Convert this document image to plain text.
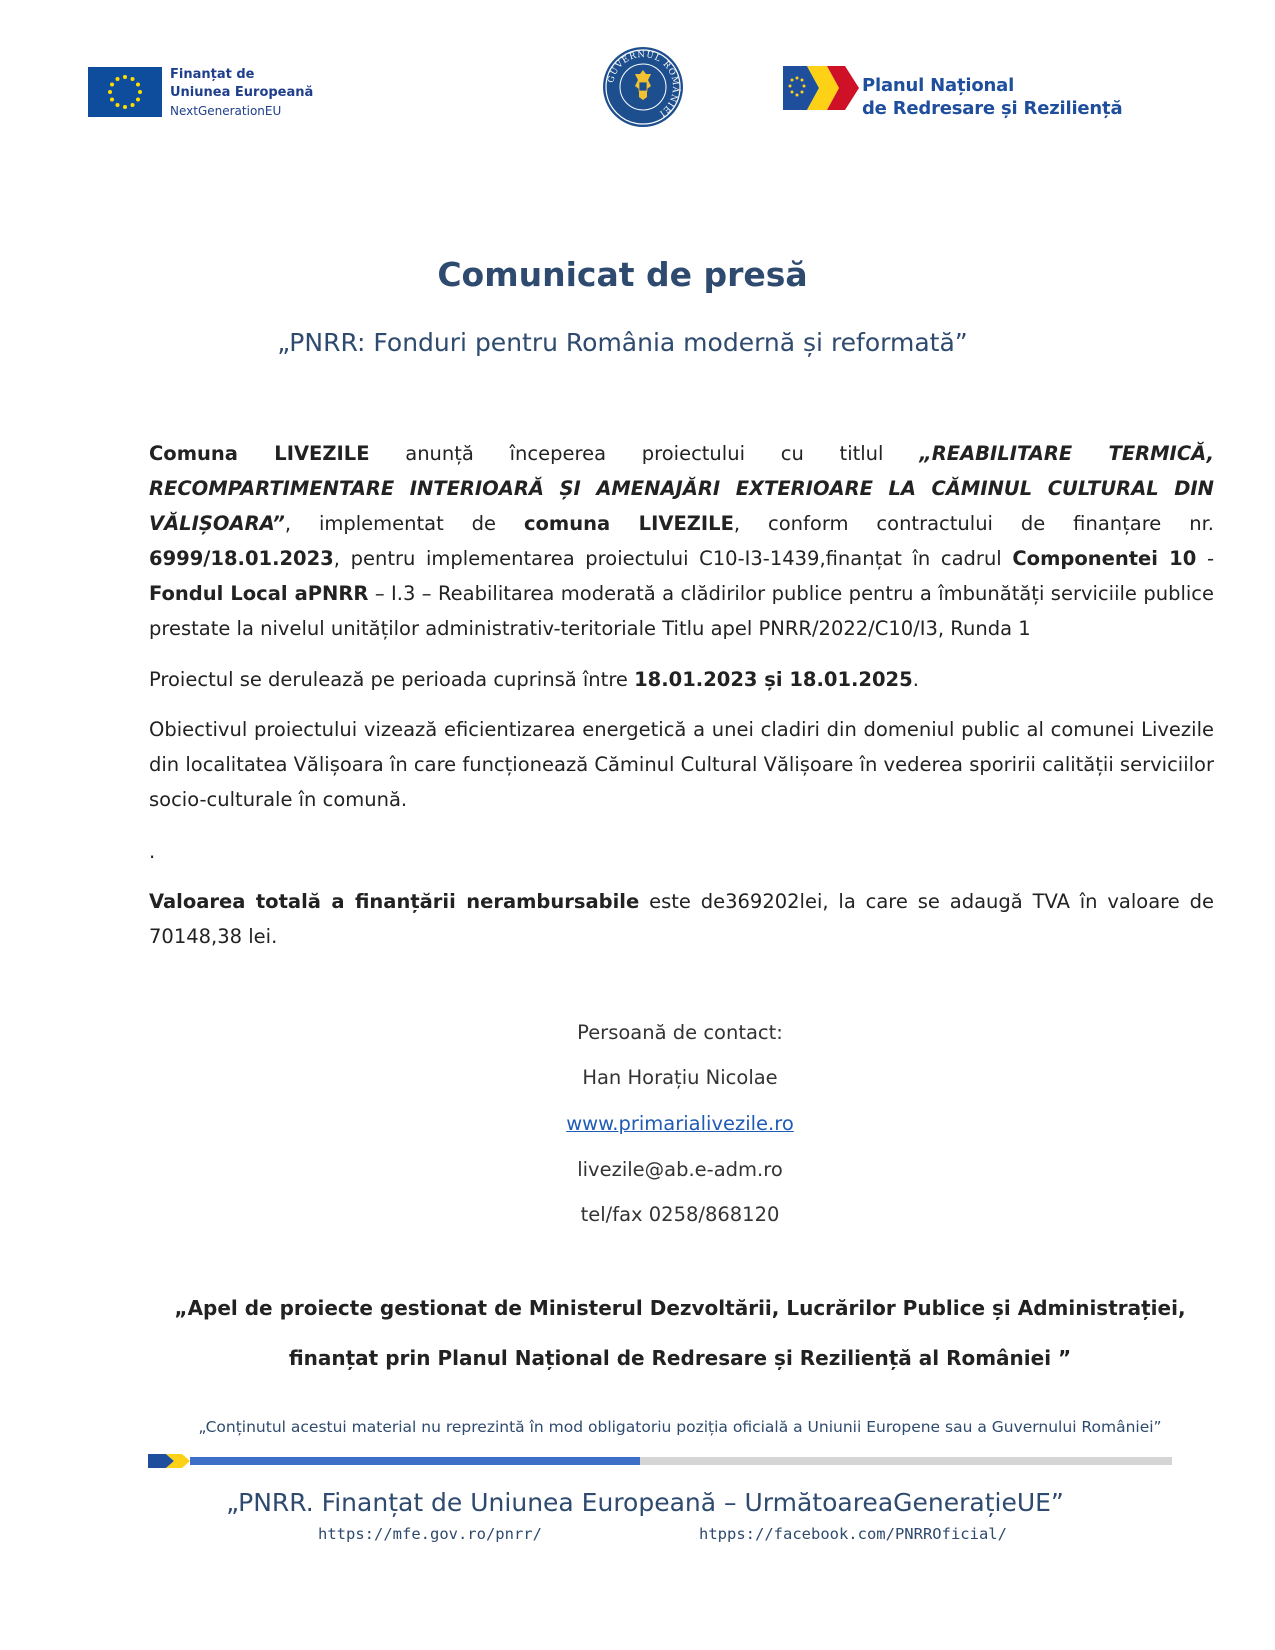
Finanțat de
Uniunea Europeană
NextGenerationEU
GUVERNUL ROMÂNIEI
Planul Național
de Redresare și Reziliență
Comunicat de presă
„PNRR: Fonduri pentru România modernă și reformată”
Comuna LIVEZILE anunță începerea proiectului cu titlul „REABILITARE TERMICĂ, RECOMPARTIMENTARE INTERIOARĂ ȘI AMENAJĂRI EXTERIOARE LA CĂMINUL CULTURAL DIN VĂLIȘOARA”, implementat de comuna LIVEZILE, conform contractului de finanțare nr. 6999/18.01.2023, pentru implementarea proiectului C10-I3-1439,finanțat în cadrul Componentei 10 - Fondul Local aPNRR – I.3 – Reabilitarea moderată a clădirilor publice pentru a îmbunătăți serviciile publice prestate la nivelul unităților administrativ-teritoriale Titlu apel PNRR/2022/C10/I3, Runda 1
Proiectul se derulează pe perioada cuprinsă între 18.01.2023 și 18.01.2025.
Obiectivul proiectului vizează eficientizarea energetică a unei cladiri din domeniul public al comunei Livezile din localitatea Vălișoara în care funcționează Căminul Cultural Vălișoare în vederea sporirii calității serviciilor socio-culturale în comună.
.
Valoarea totală a finanțării nerambursabile este de369202lei, la care se adaugă TVA în valoare de 70148,38 lei.
Persoană de contact:
Han Horațiu Nicolae
www.primarialivezile.ro
livezile@ab.e-adm.ro
tel/fax 0258/868120
„Apel de proiecte gestionat de Ministerul Dezvoltării, Lucrărilor Publice și Administrației,
finanțat prin Planul Național de Redresare și Reziliență al României ”
„Conținutul acestui material nu reprezintă în mod obligatoriu poziția oficială a Uniunii Europene sau a Guvernului României”
„PNRR. Finanțat de Uniunea Europeană – UrmătoareaGenerațieUE”
https://mfe.gov.ro/pnrr/	htpps://facebook.com/PNRROficial/
